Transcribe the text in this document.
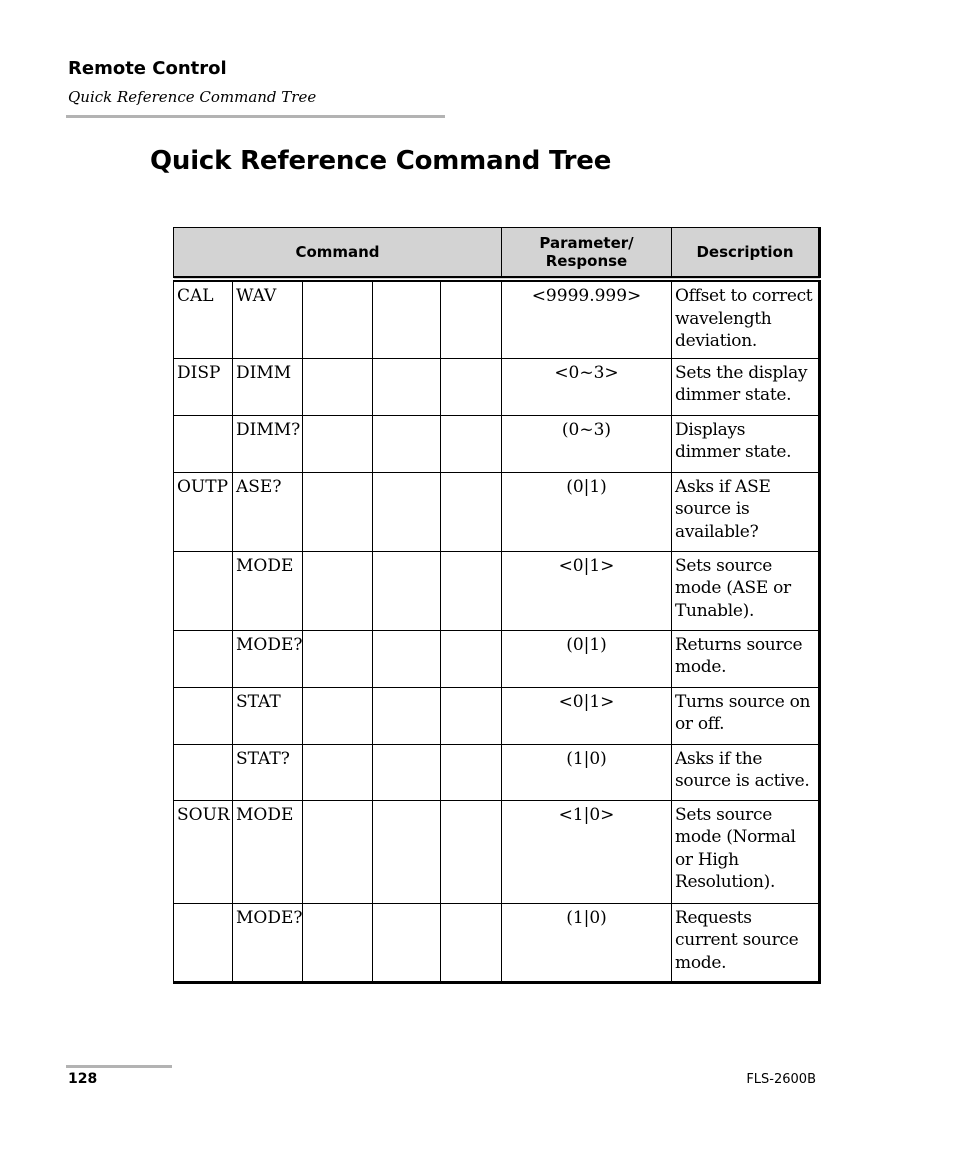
Remote Control
Quick Reference Command Tree
Quick Reference Command Tree
Command					Parameter/ Response	Description
CAL	WAV				<9999.999>	Offset to correct wavelength deviation.
DISP	DIMM				<0~3>	Sets the display dimmer state.
	DIMM?				(0~3)	Displays dimmer state.
OUTP	ASE?				(0|1)	Asks if ASE source is available?
	MODE				<0|1>	Sets source mode (ASE or Tunable).
	MODE?				(0|1)	Returns source mode.
	STAT				<0|1>	Turns source on or off.
	STAT?				(1|0)	Asks if the source is active.
SOUR	MODE				<1|0>	Sets source mode (Normal or High Resolution).
	MODE?				(1|0)	Requests current source mode.
128	FLS-2600B
